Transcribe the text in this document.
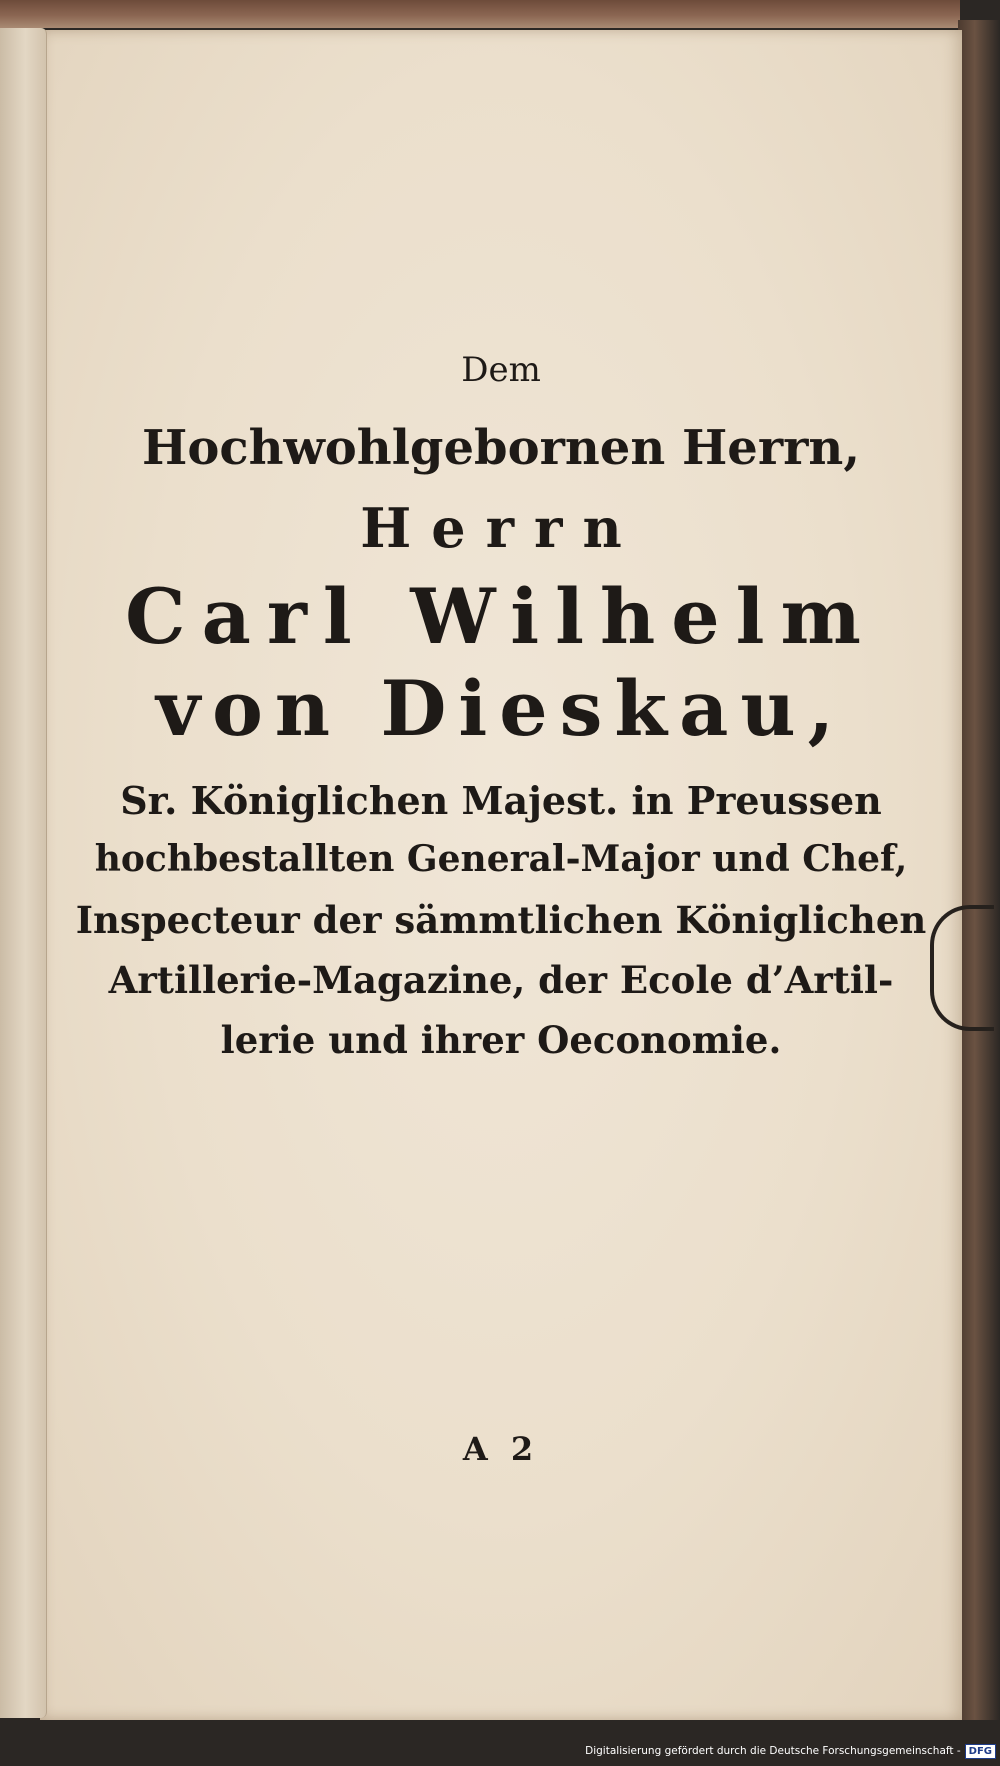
Dem
Hochwohlgebornen Herrn,
Herrn
Carl Wilhelm
von Dieskau,
Sr. Königlichen Majest. in Preussen
hochbestallten General-Major und Chef,
Inspecteur der sämmtlichen Königlichen
Artillerie-Magazine, der Ecole d’Artil-
lerie und ihrer Oeconomie.
A 2
Digitalisierung gefördert durch die Deutsche Forschungsgemeinschaft - DFG
